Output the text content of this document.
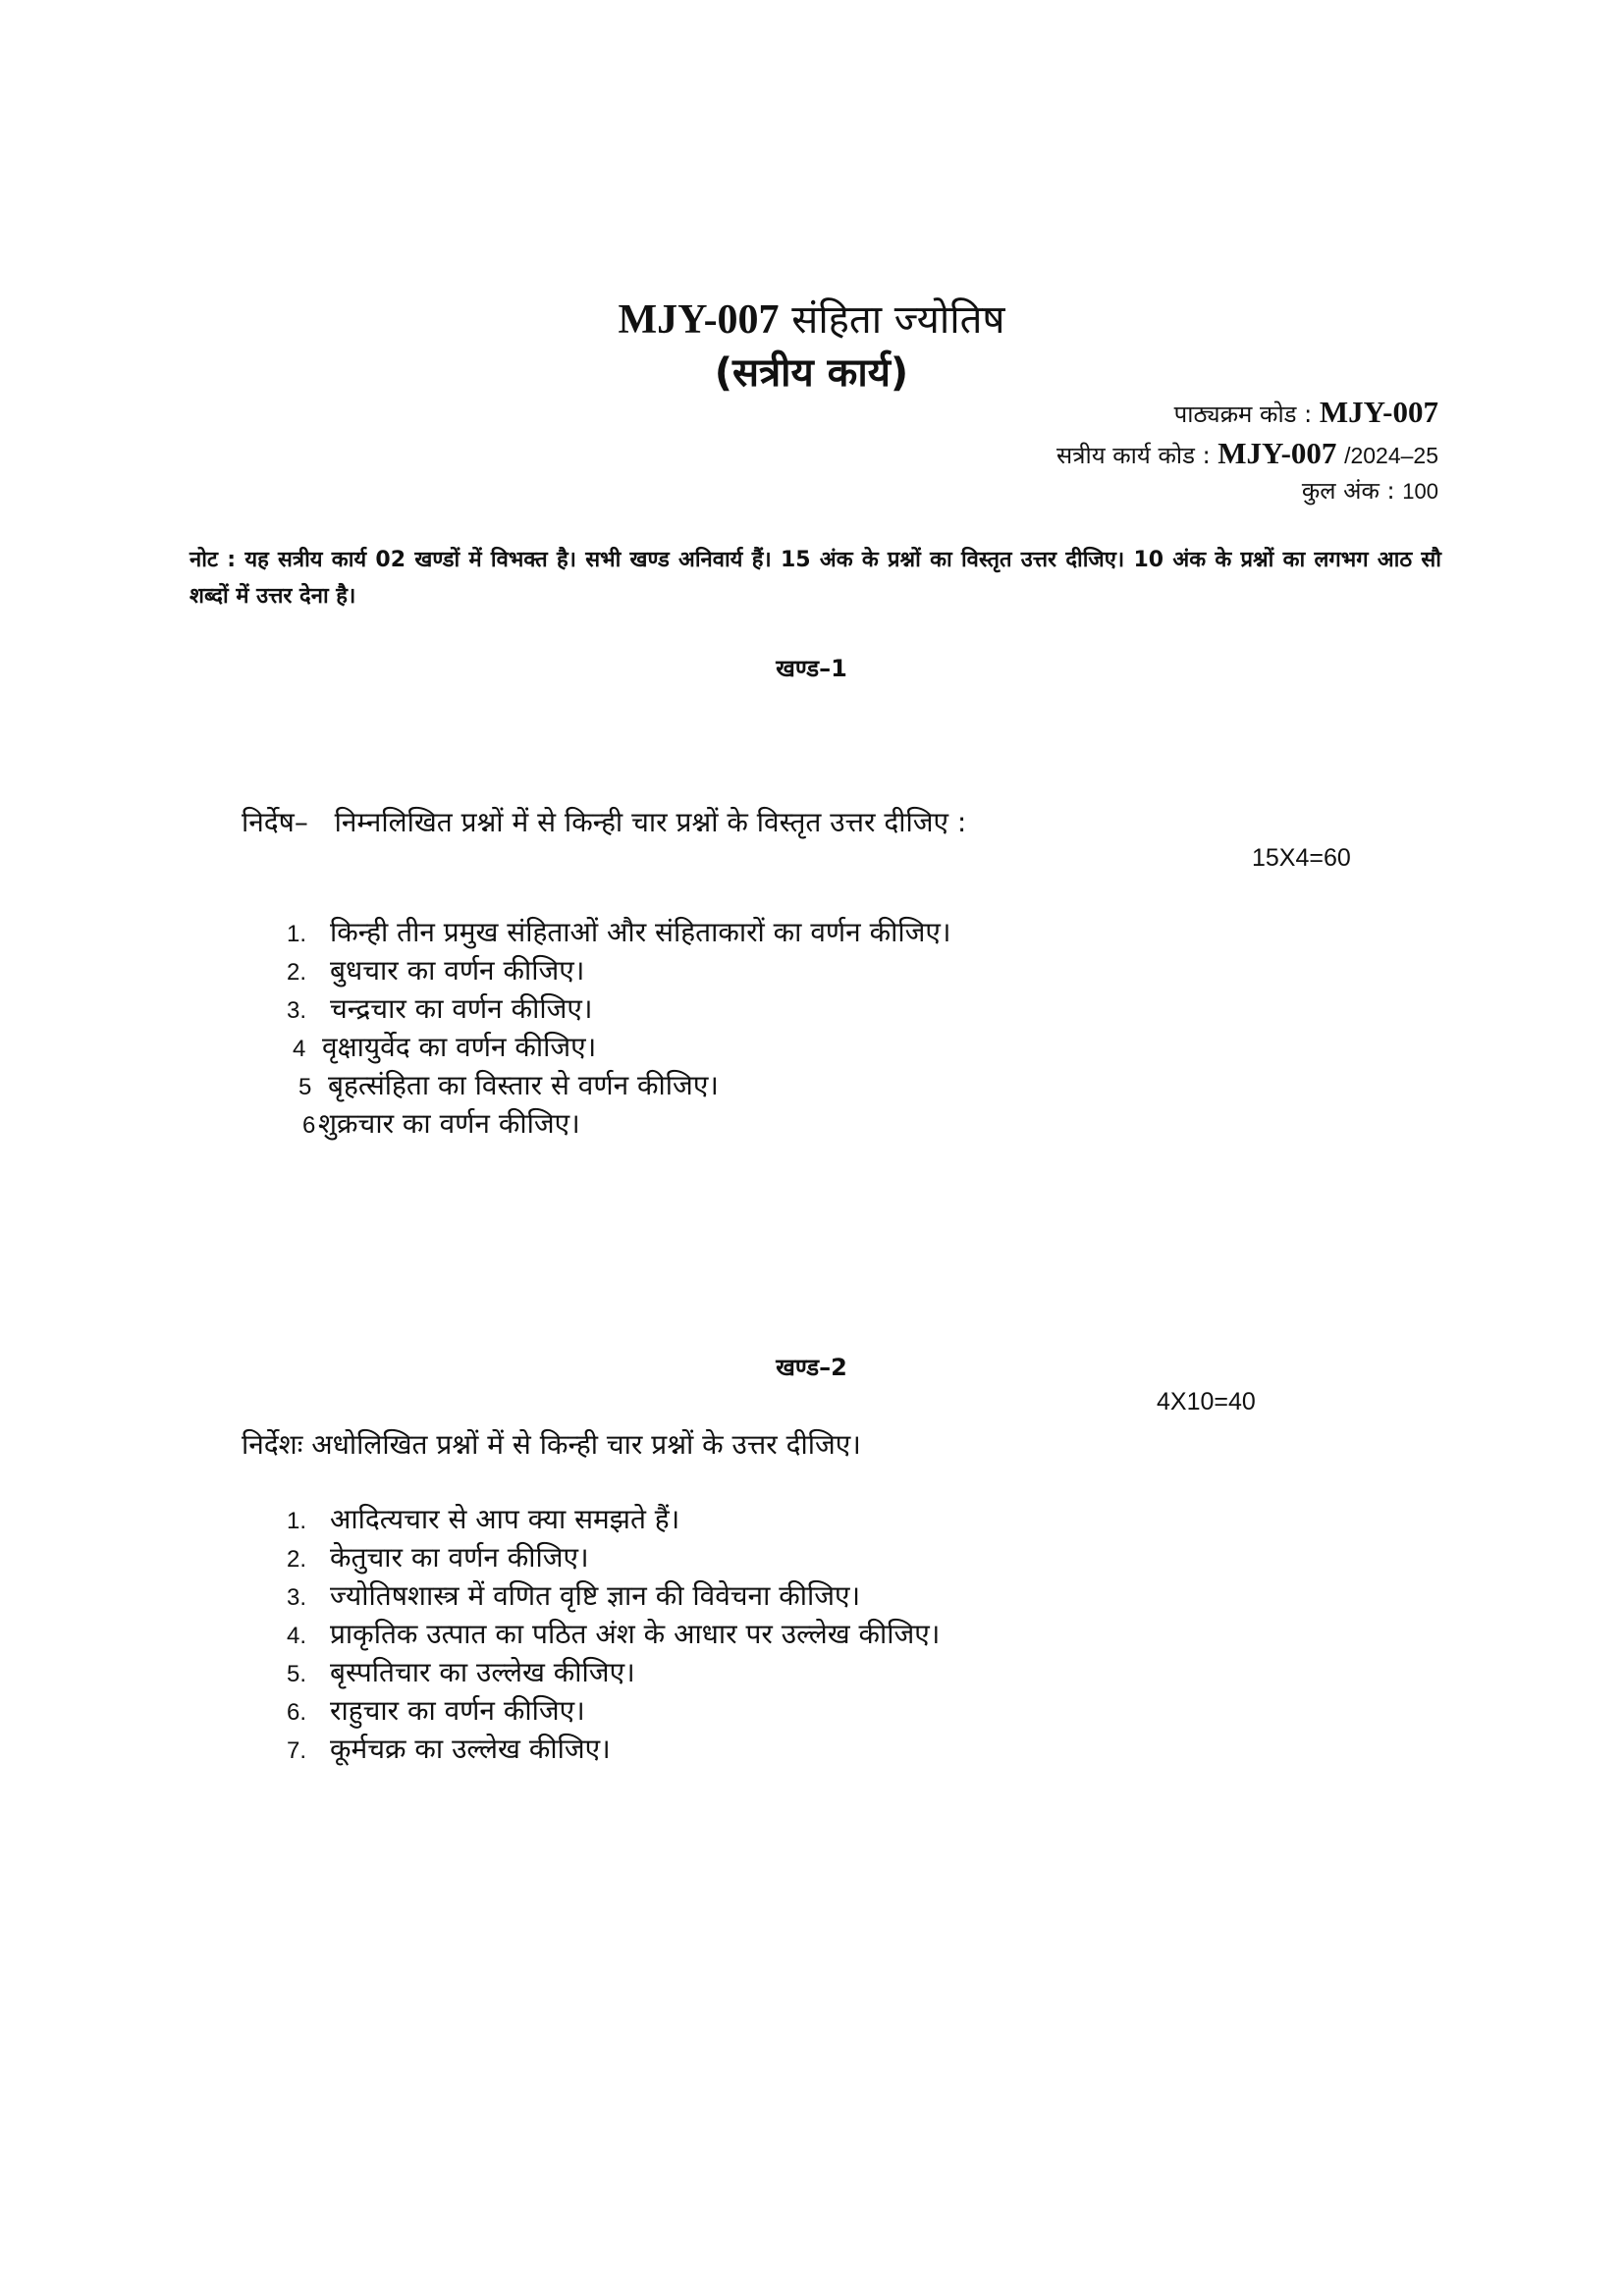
MJY-007 संहिता ज्योतिष
(सत्रीय कार्य)
पाठ्यक्रम कोड : MJY-007
सत्रीय कार्य कोड : MJY-007 /2024–25
कुल अंक : 100
नोट : यह सत्रीय कार्य 02 खण्डों में विभक्त है। सभी खण्ड अनिवार्य हैं। 15 अंक के प्रश्नों का विस्तृत उत्तर दीजिए। 10 अंक के प्रश्नों का लगभग आठ सौ शब्दों में उत्तर देना है।
खण्ड–1
निर्देष– निम्नलिखित प्रश्नों में से किन्ही चार प्रश्नों के विस्तृत उत्तर दीजिए :
15X4=60
1. किन्ही तीन प्रमुख संहिताओं और संहिताकारों का वर्णन कीजिए।
2. बुधचार का वर्णन कीजिए।
3. चन्द्रचार का वर्णन कीजिए।
4 वृक्षायुर्वेद का वर्णन कीजिए।
5 बृहत्संहिता का विस्तार से वर्णन कीजिए।
6शुक्रचार का वर्णन कीजिए।
खण्ड–2
4X10=40
निर्देशः अधोलिखित प्रश्नों में से किन्ही चार प्रश्नों के उत्तर दीजिए।
1. आदित्यचार से आप क्या समझते हैं।
2. केतुचार का वर्णन कीजिए।
3. ज्योतिषशास्त्र में वणित वृष्टि ज्ञान की विवेचना कीजिए।
4. प्राकृतिक उत्पात का पठित अंश के आधार पर उल्लेख कीजिए।
5. बृस्पतिचार का उल्लेख कीजिए।
6. राहुचार का वर्णन कीजिए।
7. कूर्मचक्र का उल्लेख कीजिए।
